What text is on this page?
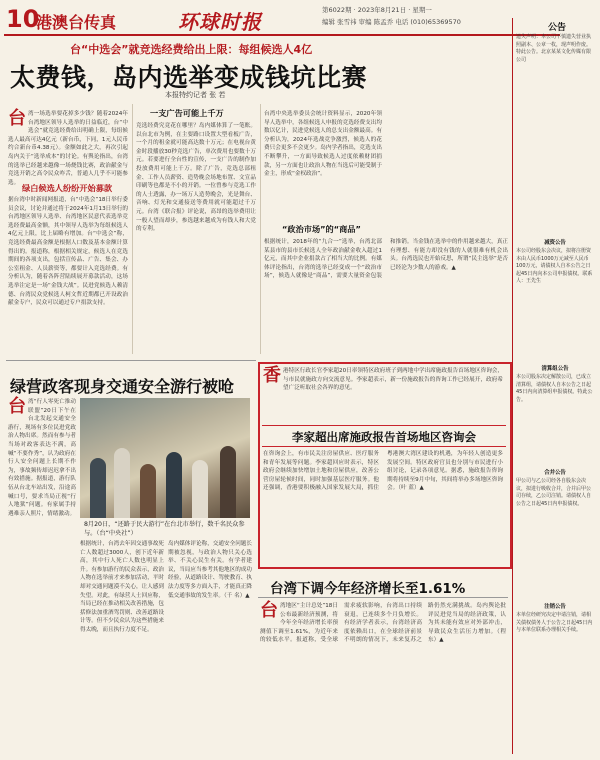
10
港澳台传真	环球时报	第6022期 · 2023年8月21日 · 星期一
编辑 张雪祎 审编 陈孟乔 电话 (010)65369570
台“中选会”就竞选经费给出上限：每组候选人4亿
太费钱，岛内选举变成钱坑比赛
本报特约记者 张 若
台 湾一场选举要花掉多少钱？随着2024年台湾地区领导人选举的日益临近，台“中选会”就竞选经费给出明确上限，每组候选人最高可达4亿元（新台币，下同，1元人民币约合新台币4.38元）。金额如此之大，再次引起岛内关于“选举成本”的讨论。有舆论指出，台湾的选举已经越来越像一场烧钱比赛，政治献金与竞选开销之高令民众咋舌，普通人几乎不可能参选。
绿白候选人纷纷开始募款
据台湾中时新闻网报道，台“中选会”18日举行委员会议，讨论并通过将于2024年1月13日举行的台湾地区领导人选举、台湾地区民意代表选举竞选经费最高金额，其中领导人选举为每组候选人4亿元上限，比上届略有增加。台“中选会”称，竞选经费最高金额是根据人口数及基本金额计算得出的。报道称，根据相关规定，候选人在竞选期间的各项支出，包括宣传品、广告、集会、办公室租金、人员薪资等，都要计入竞选经费。有分析认为，随着各阵营陆续展开募款活动，这场选举注定是一场“金钱大战”。民进党候选人赖清德、台湾民众党候选人柯文哲近期都已开设政治献金专户，民众可以通过专户捐款支持。
一支广告可能上千万
竞选经费究竟花在哪里？岛内媒体算了一笔账。以台北市为例，在主要路口设置大型看板广告，一个月的租金就可能高达数十万元；在电视台黄金时段播放30秒竞选广告，单次费用也要数十万元。若要进行全台性的宣传，一支广告的制作加投放费用可能上千万。除了广告，竞选总部租金、工作人员薪资、造势晚会场地布置、文宣品印刷等也都是不小的开销。一位曾参与竞选工作的人士透露，办一场万人造势晚会，光是舞台、音响、灯光和交通接送等费用就可能超过千万元。台湾《联合报》评论说，高昂的选举费用让一般人望而却步，参选越来越成为有钱人和大党的专利。
台湾中央选举委员会统计资料显示，2020年领导人选举中，各组候选人申报的竞选经费支出均数以亿计，民进党候选人的总支出金额最高。有分析认为，2024年选战竞争激烈，候选人的花费只会更多不会更少。岛内学者指出，竞选支出不断攀升，一方面导致候选人过度依赖财团捐款，另一方面也让政治人物在当选后可能受制于金主，形成“金权政治”。
“政治市场”的“商品”
根据统计，2018年的“九合一”选举，台湾北部某县市的县市长候选人全年政治献金收入超过1亿元，而其中企业捐款占了相当大的比例。有媒体评论指出，台湾的选举已经变成一个“政治市场”，候选人就像是“商品”，需要大量资金包装和推销。当金钱在选举中的作用越来越大，真正有理想、有能力却没有钱的人就很难有机会出头。台湾选民也开始反思，所谓“民主选举”是否已经沦为少数人的游戏。▲
绿营政客现身交通安全游行被呛
台 湾“行人零死亡推动联盟”20日下午在台北发起交通安全游行，现场有多位民进党政治人物出席。然而有参与者当场对政客表达不满，高喊“不要作秀”，认为政府在行人安全问题上长期不作为，事故频传却迟迟拿不出有效措施。据报道，游行队伍从台北车站出发，沿途高喊口号，要求当局正视“行人地狱”问题。有家属手持遇难亲人照片，情绪激动。
8月20日，“还路于民大游行”在台北市举行，数千名民众参与。（台“中央社”）
根据统计，台湾去年因交通事故死亡人数超过3000人，创下近年新高，其中行人死亡人数也明显上升。有参加游行的民众表示，政治人物在选举前才来参加活动，平时却对交通问题漠不关心，让人感到失望。对此，有绿营人士回应称，当局已经在推动相关改善措施，包括修法加重酒驾罚则、改善道路设计等。但不少民众认为这些措施来得太晚，而且执行力度不足。
岛内媒体评论称，交通安全问题长期被忽视，与政治人物只关心选举、不关心民生有关。有学者建议，当局应当参考其他地区的成功经验，从道路设计、驾驶教育、执法力度等多方面入手，才能真正降低交通事故的发生率。（千 名）▲
香 港特区行政长官李家超20日率领特区政府班子到两地中学出席施政报告首场地区咨询会，与市民就施政方向交流意见。李家超表示，新一份施政报告的咨询工作已经展开，政府希望广泛听取社会各界的意见。
李家超出席施政报告首场地区咨询会
在咨询会上，有市民关注房屋供应、医疗服务和青年发展等问题。李家超回应时表示，特区政府会继续加快增加土地和房屋供应，改善公营房屋轮候时间，同时加强基层医疗服务。他还强调，香港要积极融入国家发展大局，抓住粤港澳大湾区建设的机遇，为年轻人创造更多发展空间。特区政府官员也分别与市民进行小组讨论，记录各项意见。据悉，施政报告咨询期将持续至9月中旬，其间将举办多场地区咨询会。（叶 蓝）▲
台湾下调今年经济增长至1.61%
台 湾地区“主计总处”18日公布最新经济预测，将今年全年经济增长率预测值下调至1.61%，为近年来的较低水平。报道称，受全球需求疲软影响，台湾出口持续衰退，已连续多个月负增长。有经济学者表示，台湾经济高度依赖出口，在全球经济前景不明朗的情况下，未来复苏之路仍然充满挑战。岛内舆论批评民进党当局的经济政策，认为其未能有效应对外部冲击，导致民众生活压力增加。（程 东）▲
公告
遗失声明：本公司不慎遗失营业执照副本、公章一枚，现声明作废。特此公告。北京某某文化传媒有限公司
减资公告
本公司经股东会决议，拟将注册资本由人民币1000万元减至人民币100万元，请债权人自本公告之日起45日内向本公司申报债权。联系人：王先生
清算组公告
本公司股东决定解散公司，已成立清算组，请债权人自本公告之日起45日内向清算组申报债权。特此公告。
合并公告
甲公司与乙公司经各自股东会决议，拟进行吸收合并，合并后甲公司存续，乙公司注销。请债权人自公告之日起45日内申报债权。
注销公告
本单位经研究决定申请注销，请相关债权债务人于公告之日起45日内与本单位联系办理相关手续。
